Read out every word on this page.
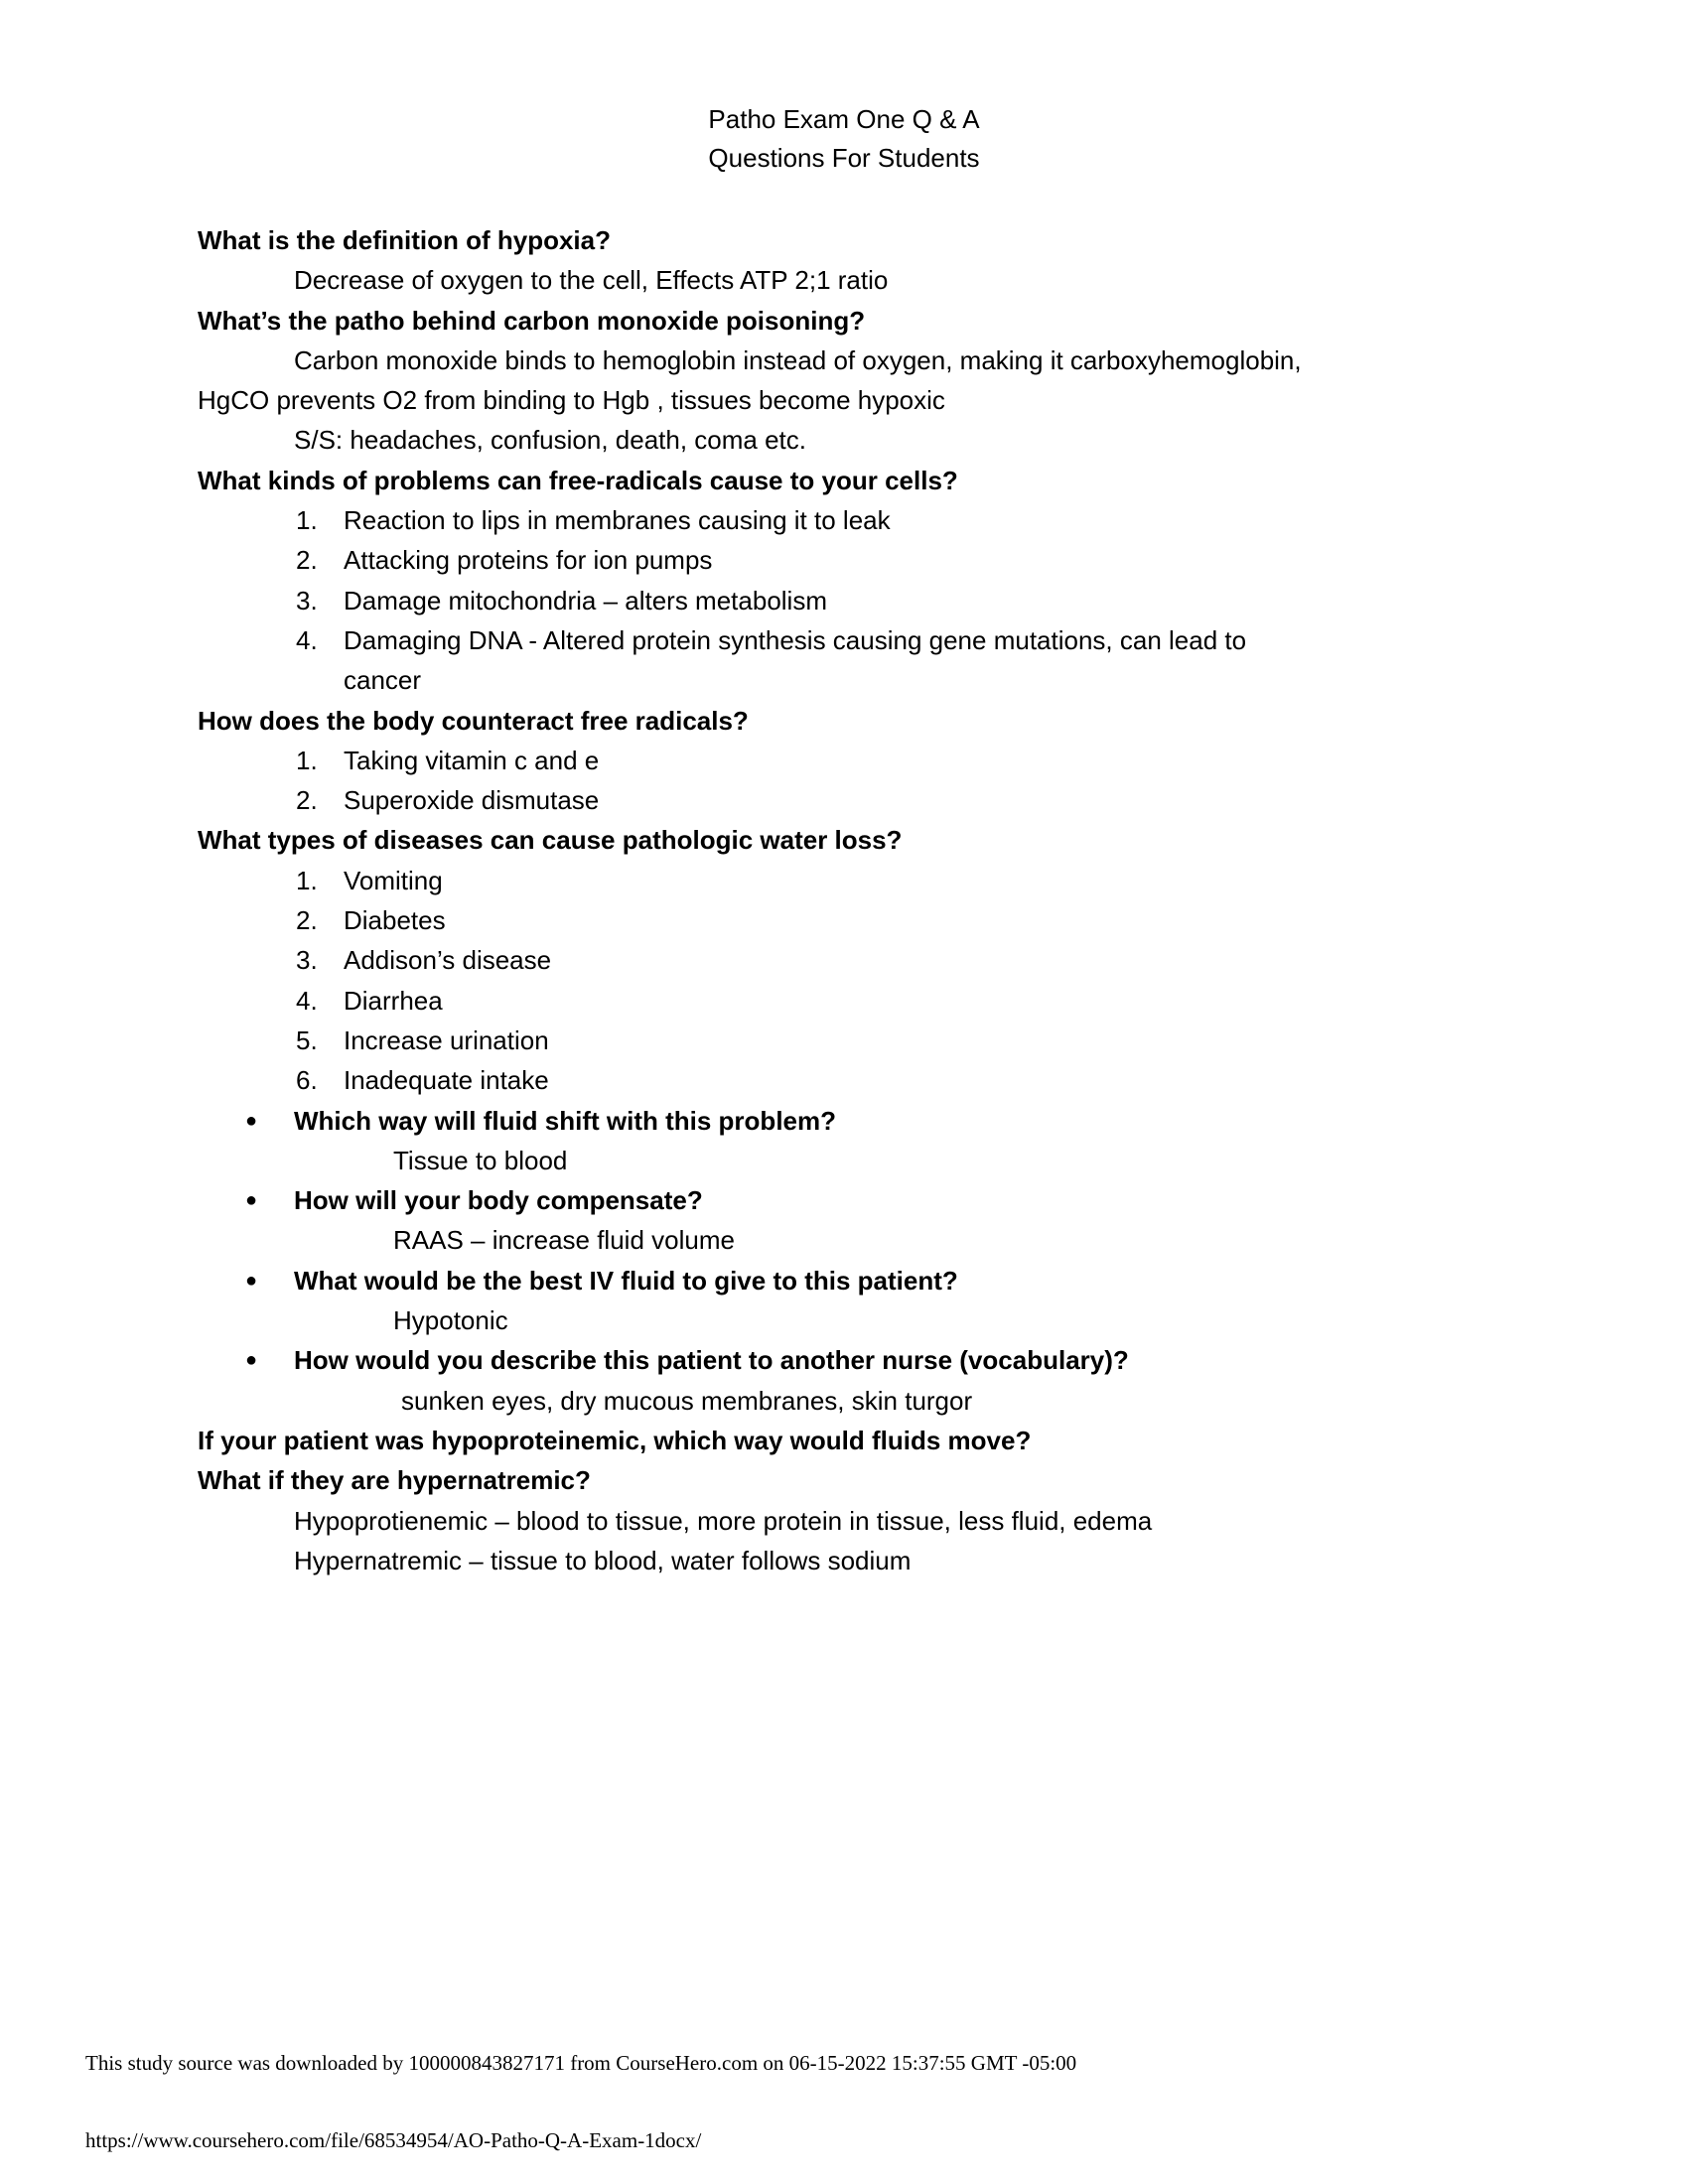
Patho Exam One Q & A
Questions For Students
What is the definition of hypoxia?
Decrease of oxygen to the cell, Effects ATP 2;1 ratio
What’s the patho behind carbon monoxide poisoning?
Carbon monoxide binds to hemoglobin instead of oxygen, making it carboxyhemoglobin,
HgCO prevents O2 from binding to Hgb , tissues become hypoxic
S/S: headaches, confusion, death, coma etc.
What kinds of problems can free-radicals cause to your cells?
1. Reaction to lips in membranes causing it to leak
2. Attacking proteins for ion pumps
3. Damage mitochondria – alters metabolism
4. Damaging DNA - Altered protein synthesis causing gene mutations, can lead to
cancer
How does the body counteract free radicals?
1. Taking vitamin c and e
2. Superoxide dismutase
What types of diseases can cause pathologic water loss?
1. Vomiting
2. Diabetes
3. Addison’s disease
4. Diarrhea
5. Increase urination
6. Inadequate intake
● Which way will fluid shift with this problem?
Tissue to blood
● How will your body compensate?
RAAS – increase fluid volume
● What would be the best IV fluid to give to this patient?
Hypotonic
● How would you describe this patient to another nurse (vocabulary)?
sunken eyes, dry mucous membranes, skin turgor
If your patient was hypoproteinemic, which way would fluids move?
What if they are hypernatremic?
Hypoprotienemic – blood to tissue, more protein in tissue, less fluid, edema
Hypernatremic – tissue to blood, water follows sodium
This study source was downloaded by 100000843827171 from CourseHero.com on 06-15-2022 15:37:55 GMT -05:00
https://www.coursehero.com/file/68534954/AO-Patho-Q-A-Exam-1docx/
